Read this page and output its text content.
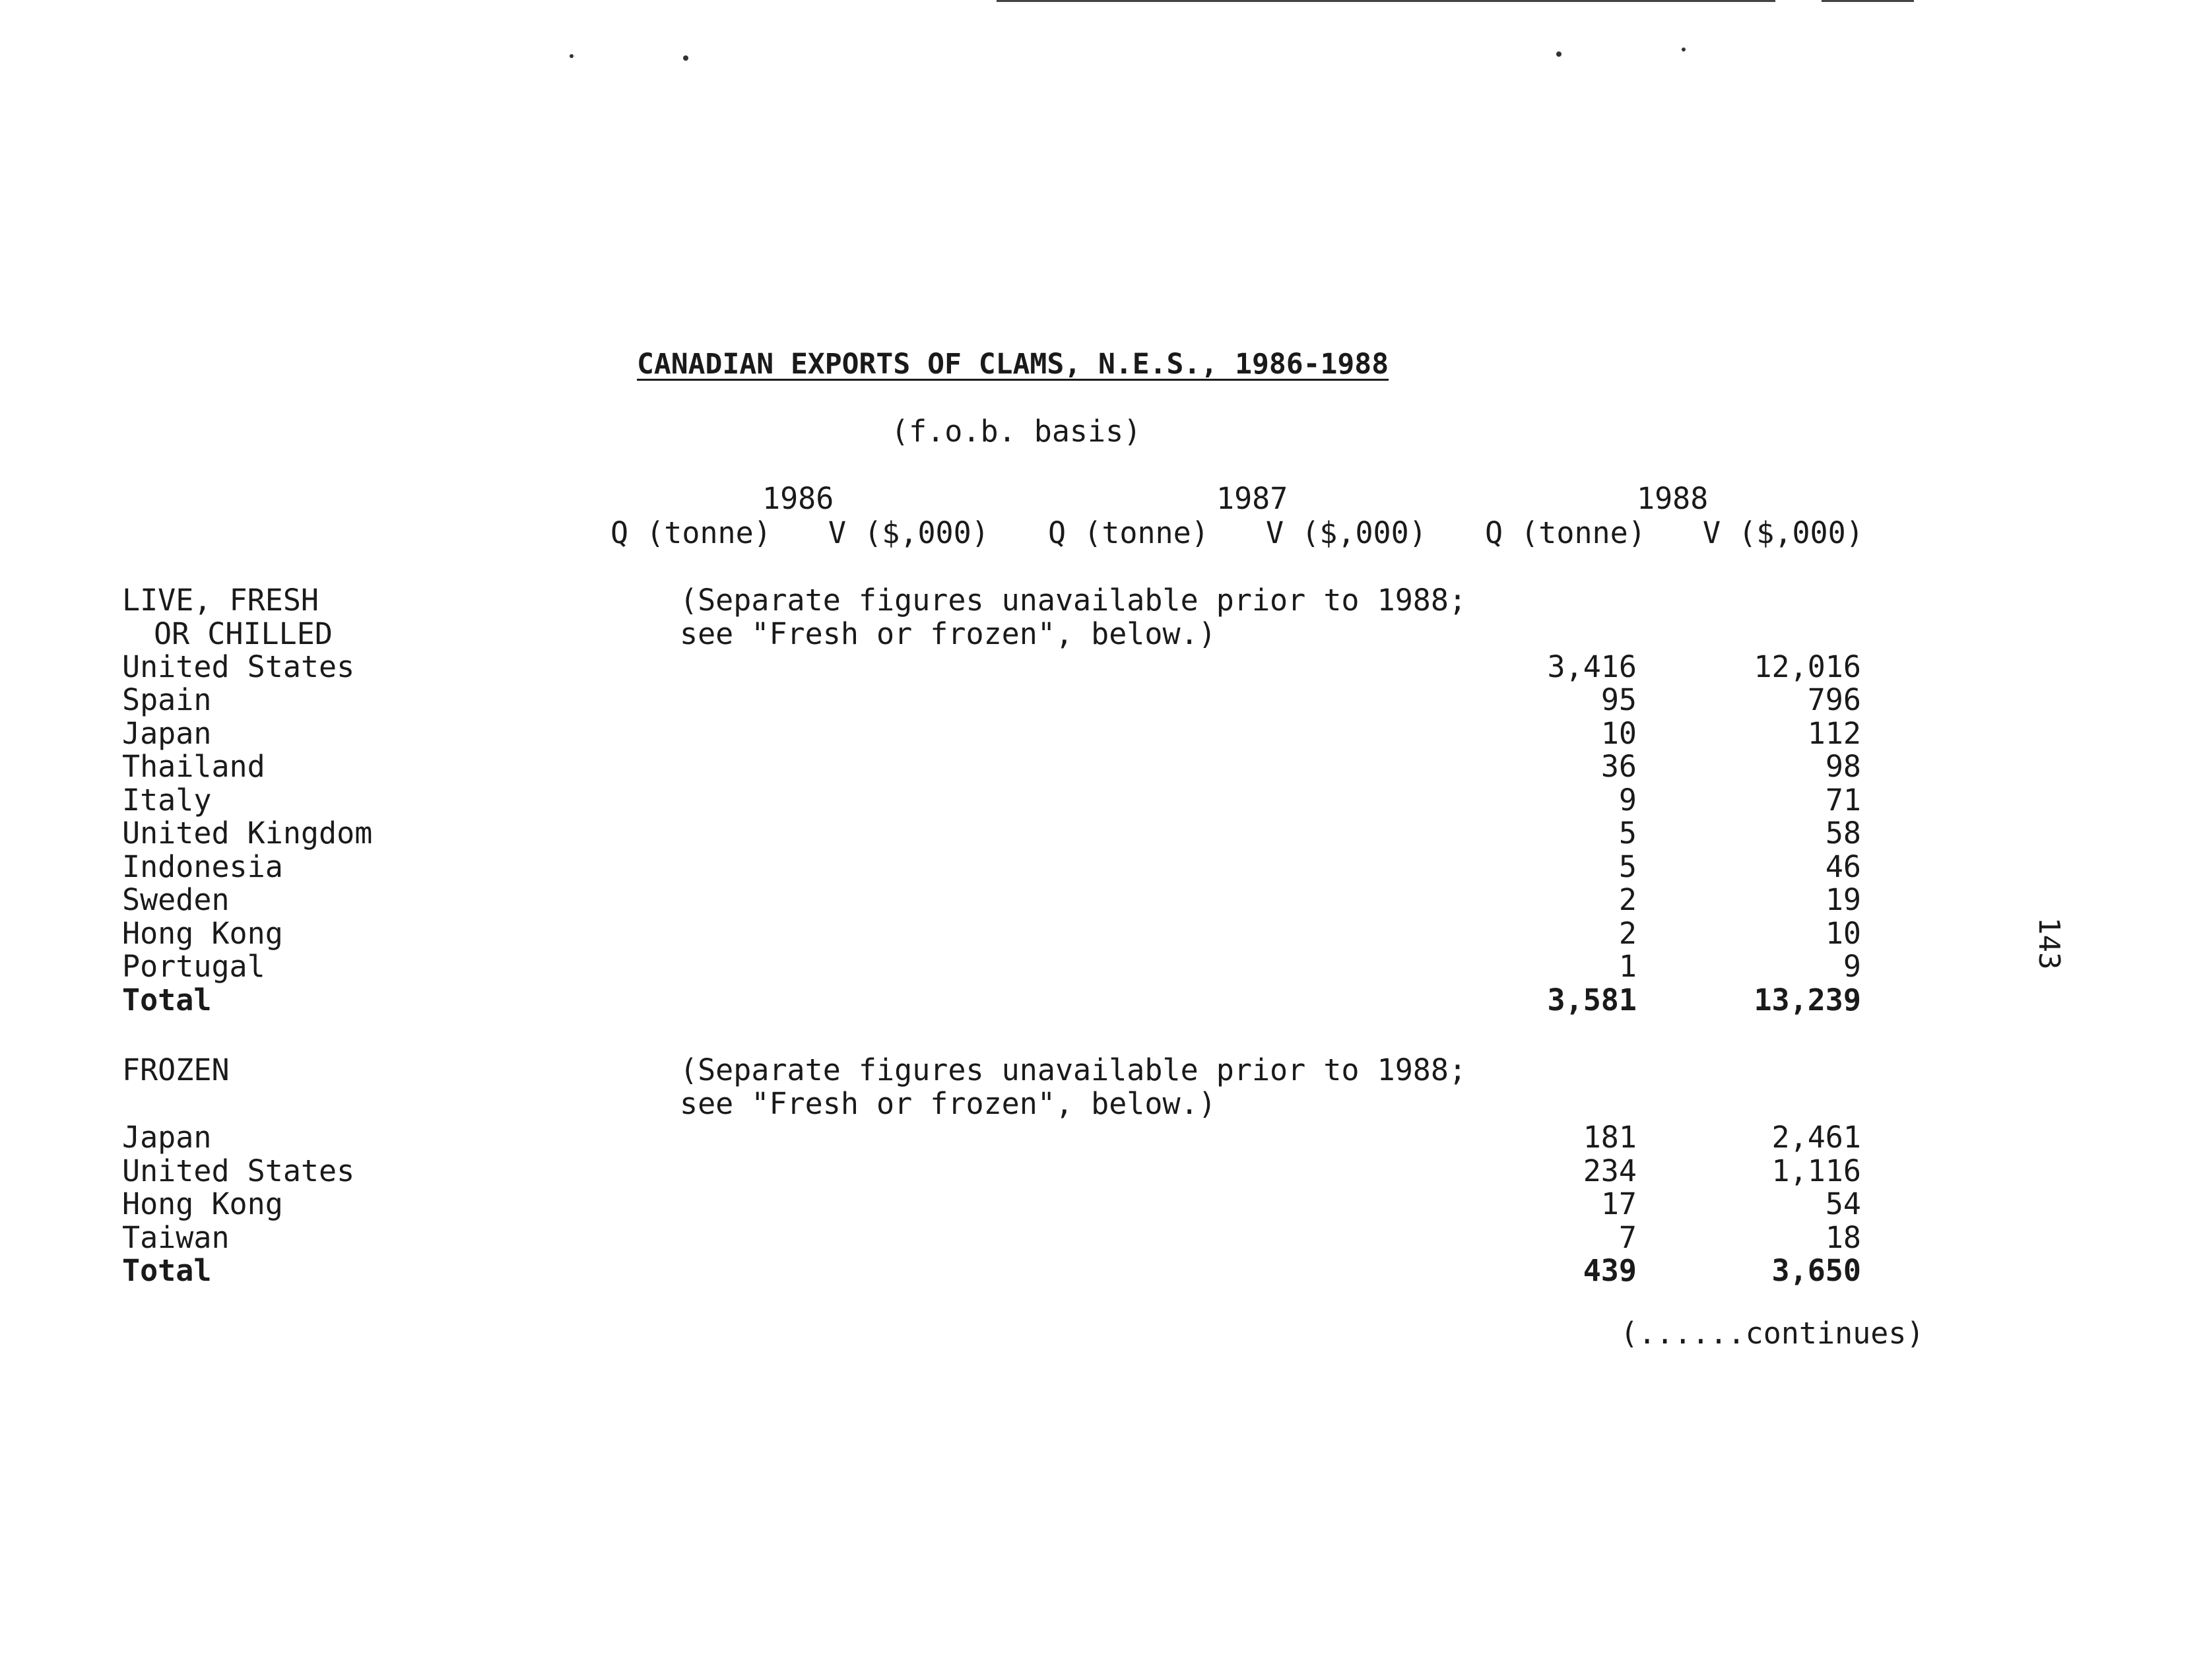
CANADIAN EXPORTS OF CLAMS, N.E.S., 1986-1988
(f.o.b. basis)
1986	1987	1988
Q (tonne) V ($,000) Q (tonne) V ($,000) Q (tonne) V ($,000)
LIVE, FRESH
OR CHILLED
(Separate figures unavailable prior to 1988;
see "Fresh or frozen", below.)
United States	3,416	12,016
Spain	95	796
Japan	10	112
Thailand	36	98
Italy	9	71
United Kingdom	5	58
Indonesia	5	46
Sweden	2	19
Hong Kong	2	10
Portugal	1	9
Total	3,581	13,239
FROZEN	(Separate figures unavailable prior to 1988;
see "Fresh or frozen", below.)
Japan	181	2,461
United States	234	1,116
Hong Kong	17	54
Taiwan	7	18
Total	439	3,650
(......continues)
143
